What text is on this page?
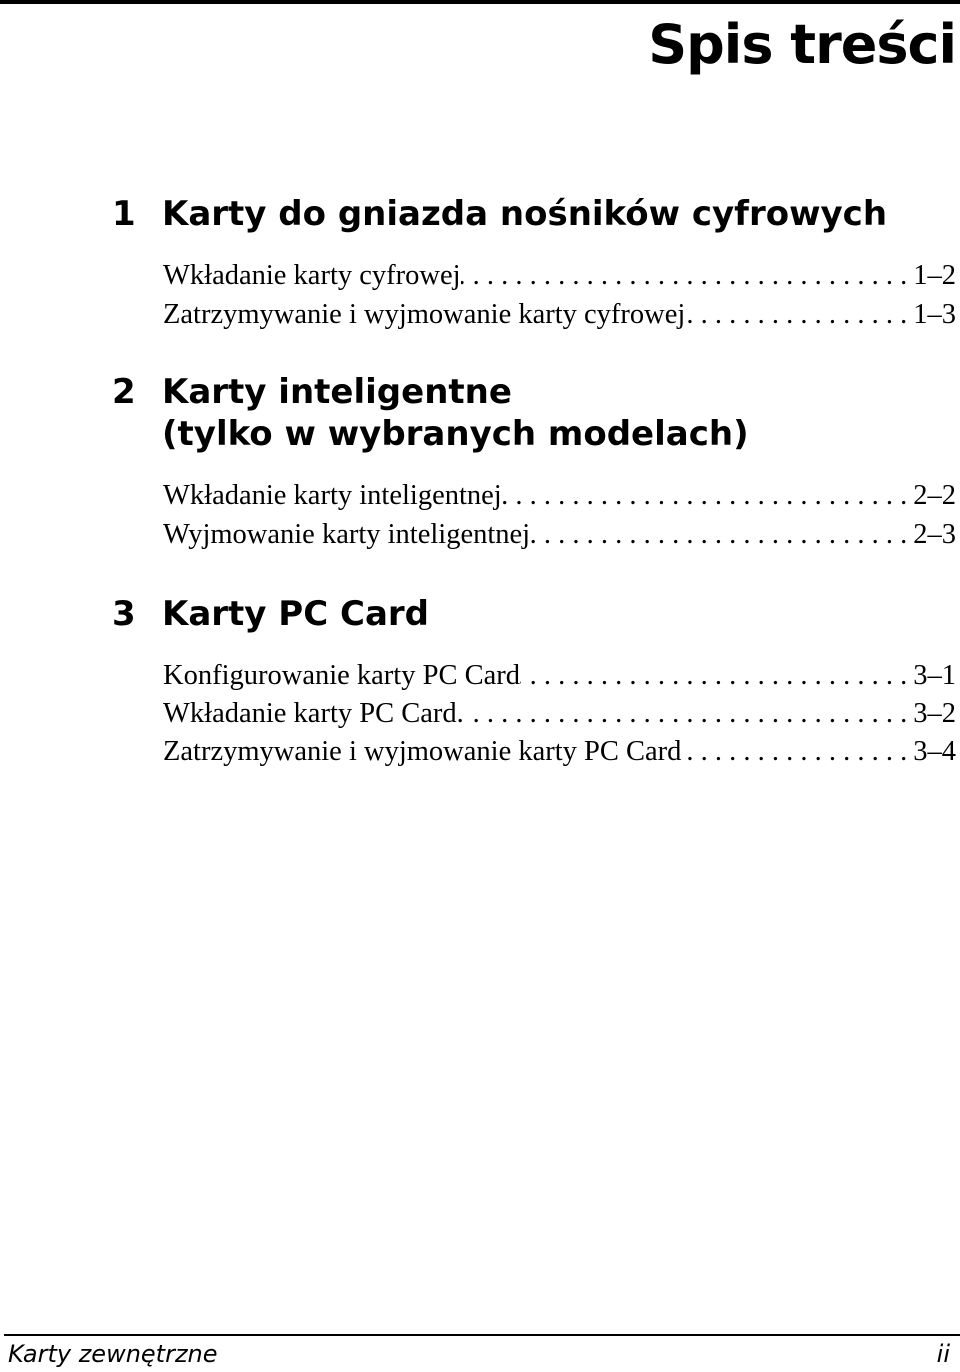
Spis treści
1 Karty do gniazda nośników cyfrowych
Wkładanie karty cyfrowej . . .	1–2
Zatrzymywanie i wyjmowanie karty cyfrowej . . .	1–3
2 Karty inteligentne
(tylko w wybranych modelach)
Wkładanie karty inteligentnej . . .	2–2
Wyjmowanie karty inteligentnej . . .	2–3
3 Karty PC Card
Konfigurowanie karty PC Card . . .	3–1
Wkładanie karty PC Card. . . .	3–2
Zatrzymywanie i wyjmowanie karty PC Card . . .	3–4
Karty zewnętrzne	ii
